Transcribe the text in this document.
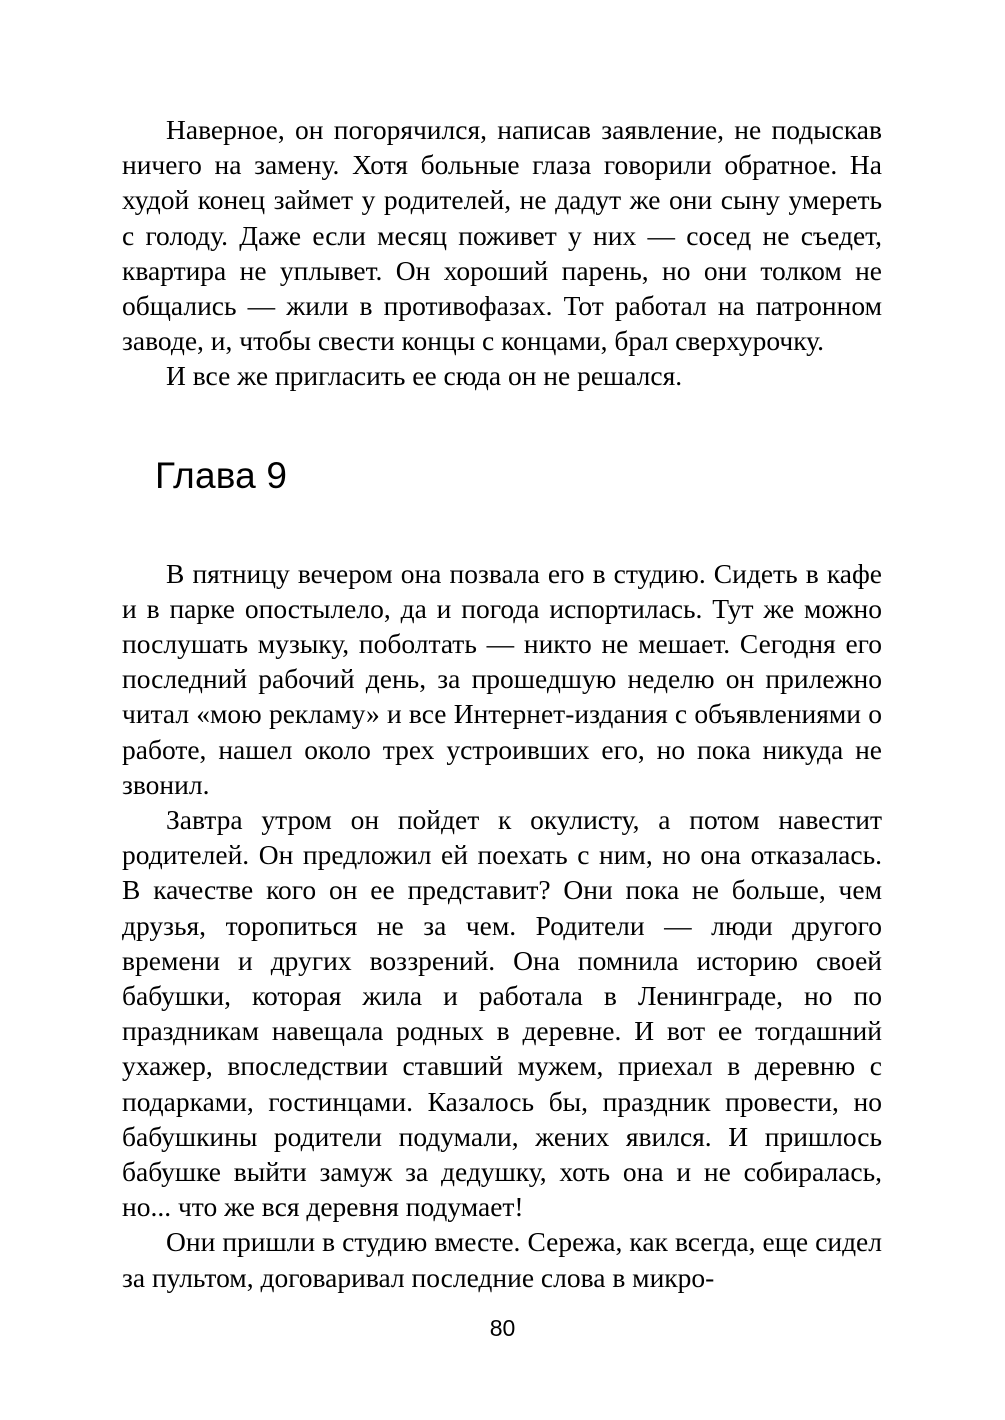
Наверное, он погорячился, написав заявление, не подыскав ничего на замену. Хотя больные глаза говорили обратное. На худой конец займет у родителей, не дадут же они сыну умереть с голоду. Даже если месяц поживет у них — сосед не съедет, квартира не уплывет. Он хороший парень, но они толком не общались — жили в противофазах. Тот работал на патронном заводе, и, чтобы свести концы с концами, брал сверхурочку.

И все же пригласить ее сюда он не решался.

Глава 9

В пятницу вечером она позвала его в студию. Сидеть в кафе и в парке опостылело, да и погода испортилась. Тут же можно послушать музыку, поболтать — никто не мешает. Сегодня его последний рабочий день, за прошедшую неделю он прилежно читал «мою рекламу» и все Интернет-издания с объявлениями о работе, нашел около трех устроивших его, но пока никуда не звонил.

Завтра утром он пойдет к окулисту, а потом навестит родителей. Он предложил ей поехать с ним, но она отказалась. В качестве кого он ее представит? Они пока не больше, чем друзья, торопиться не за чем. Родители — люди другого времени и других воззрений. Она помнила историю своей бабушки, которая жила и работала в Ленинграде, но по праздникам навещала родных в деревне. И вот ее тогдашний ухажер, впоследствии ставший мужем, приехал в деревню с подарками, гостинцами. Казалось бы, праздник провести, но бабушкины родители подумали, жених явился. И пришлось бабушке выйти замуж за дедушку, хоть она и не собиралась, но... что же вся деревня подумает!

Они пришли в студию вместе. Сережа, как всегда, еще сидел за пультом, договаривал последние слова в микро-

80
